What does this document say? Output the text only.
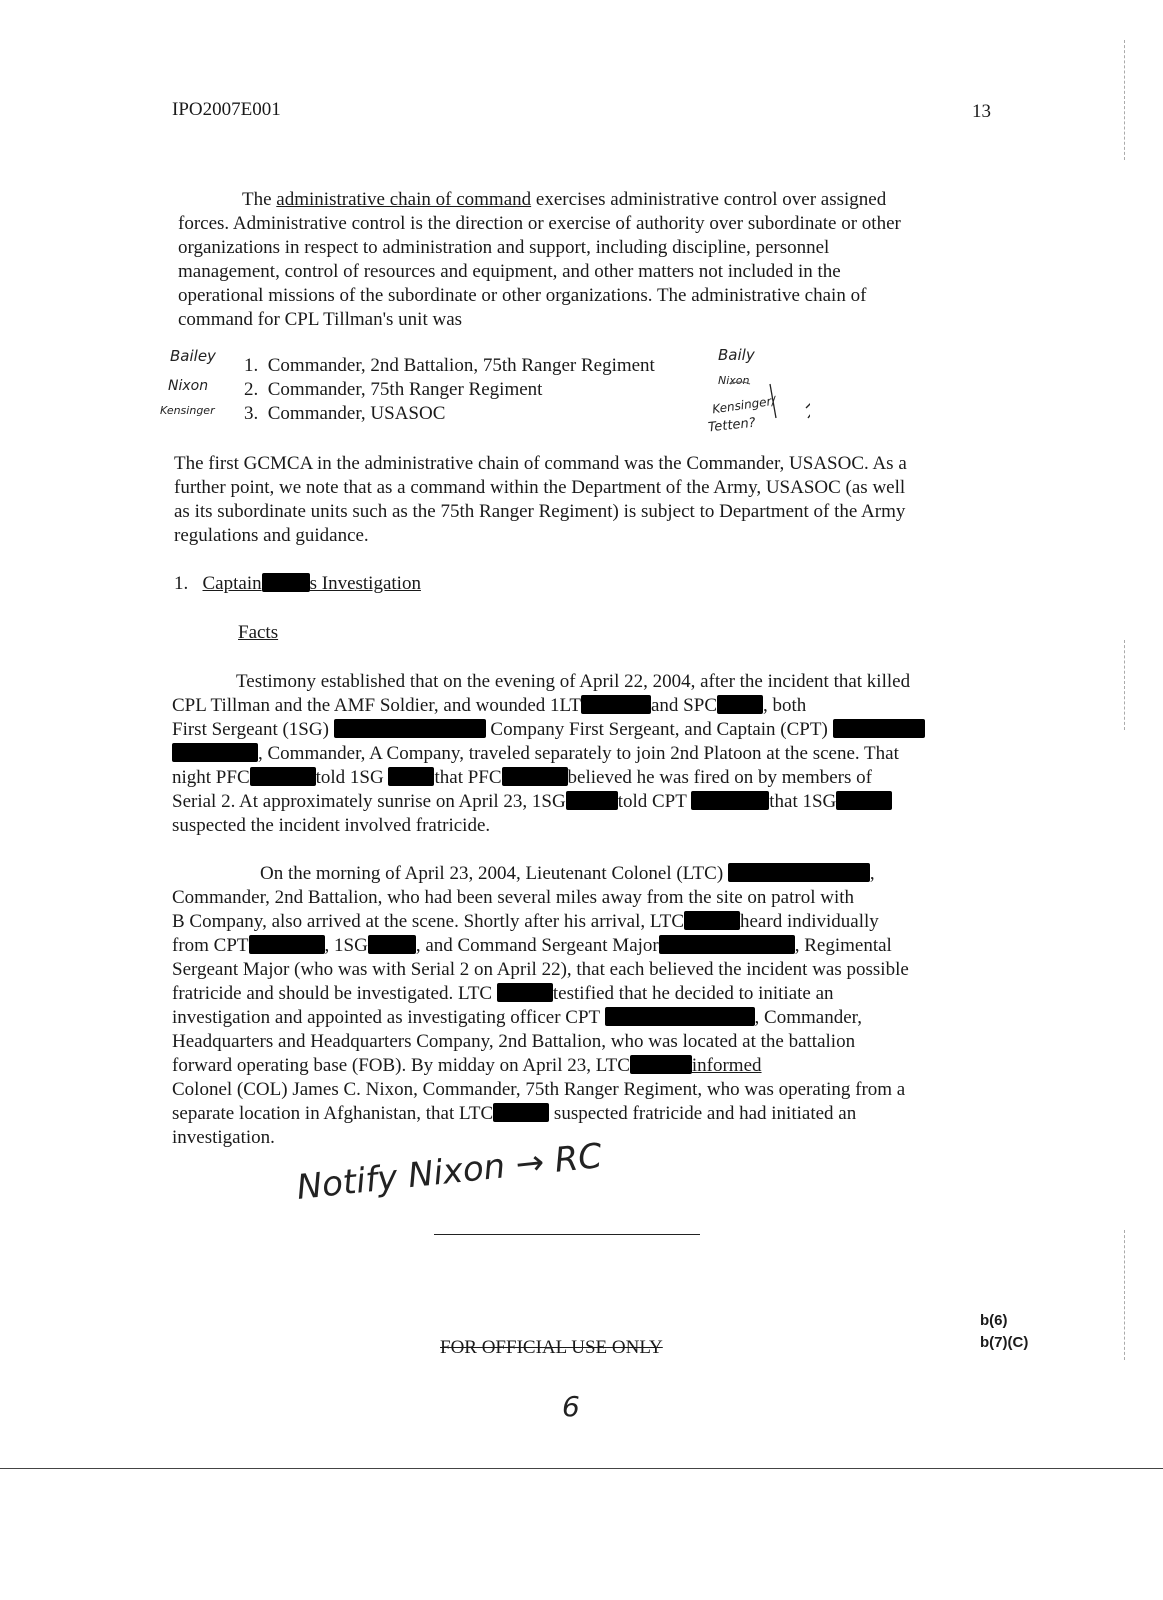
IPO2007E001	13
The administrative chain of command exercises administrative control over assigned
forces. Administrative control is the direction or exercise of authority over subordinate or other
organizations in respect to administration and support, including discipline, personnel
management, control of resources and equipment, and other matters not included in the
operational missions of the subordinate or other organizations. The administrative chain of
command for CPL Tillman's unit was
1. Commander, 2nd Battalion, 75th Ranger Regiment
2. Commander, 75th Ranger Regiment
3. Commander, USASOC
Bailey
Nixon
Kensinger
Baily
Nixon
Kensinger/
Tetten?
The first GCMCA in the administrative chain of command was the Commander, USASOC. As a
further point, we note that as a command within the Department of the Army, USASOC (as well
as its subordinate units such as the 75th Ranger Regiment) is subject to Department of the Army
regulations and guidance.
1. Captain	s Investigation
Facts
Testimony established that on the evening of April 22, 2004, after the incident that killed
CPL Tillman and the AMF Soldier, and wounded 1LT	and SPC , both
First Sergeant (1SG)	Company First Sergeant, and Captain (CPT)
, Commander, A Company, traveled separately to join 2nd Platoon at the scene. That
night PFC	told 1SG	that PFC	believed he was fired on by members of
Serial 2. At approximately sunrise on April 23, 1SG	told CPT	that 1SG
suspected the incident involved fratricide.
On the morning of April 23, 2004, Lieutenant Colonel (LTC)	,
Commander, 2nd Battalion, who had been several miles away from the site on patrol with
B Company, also arrived at the scene. Shortly after his arrival, LTC	heard individually
from CPT	, 1SG	, and Command Sergeant Major	, Regimental
Sergeant Major (who was with Serial 2 on April 22), that each believed the incident was possible
fratricide and should be investigated. LTC	testified that he decided to initiate an
investigation and appointed as investigating officer CPT	, Commander,
Headquarters and Headquarters Company, 2nd Battalion, who was located at the battalion
forward operating base (FOB). By midday on April 23, LTC	informed
Colonel (COL) James C. Nixon, Commander, 75th Ranger Regiment, who was operating from a
separate location in Afghanistan, that LTC	suspected fratricide and had initiated an
investigation. Notify Nixon → RC
FOR OFFICIAL USE ONLY
b(6)
b(7)(C)
6
